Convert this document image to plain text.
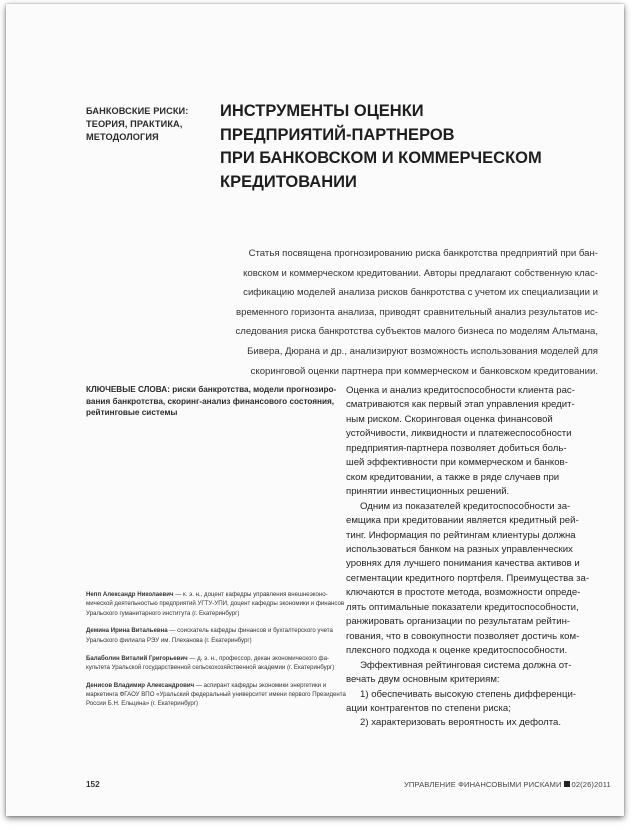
БАНКОВСКИЕ РИСКИ:
ТЕОРИЯ, ПРАКТИКА,
МЕТОДОЛОГИЯ
ИНСТРУМЕНТЫ ОЦЕНКИ
ПРЕДПРИЯТИЙ-ПАРТНЕРОВ
ПРИ БАНКОВСКОМ И КОММЕРЧЕСКОМ
КРЕДИТОВАНИИ
Статья посвящена прогнозированию риска банкротства предприятий при бан-
ковском и коммерческом кредитовании. Авторы предлагают собственную клас-
сификацию моделей анализа рисков банкротства с учетом их специализации и
временного горизонта анализа, приводят сравнительный анализ результатов ис-
следования риска банкротства субъектов малого бизнеса по моделям Альтмана,
Бивера, Дюрана и др., анализируют возможность использования моделей для
скоринговой оценки партнера при коммерческом и банковском кредитовании.
КЛЮЧЕВЫЕ СЛОВА: риски банкротства, модели прогнозиро-
вания банкротства, скоринг-анализ финансового состояния,
рейтинговые системы
Оценка и анализ кредитоспособности клиента рас-
сматриваются как первый этап управления кредит-
ным риском. Скоринговая оценка финансовой
устойчивости, ликвидности и платежеспособности
предприятия-партнера позволяет добиться боль-
шей эффективности при коммерческом и банков-
ском кредитовании, а также в ряде случаев при
принятии инвестиционных решений.
Одним из показателей кредитоспособности за-
емщика при кредитовании является кредитный рей-
тинг. Информация по рейтингам клиентуры должна
использоваться банком на разных управленческих
уровнях для лучшего понимания качества активов и
сегментации кредитного портфеля. Преимущества за-
ключаются в простоте метода, возможности опреде-
лять оптимальные показатели кредитоспособности,
ранжировать организации по результатам рейтин-
гования, что в совокупности позволяет достичь ком-
плексного подхода к оценке кредитоспособности.
Эффективная рейтинговая система должна от-
вечать двум основным критериям:
1) обеспечивать высокую степень дифференци-
ации контрагентов по степени риска;
2) характеризовать вероятность их дефолта.
Непп Александр Николаевич — к. э. н., доцент кафедры управления внешнеэконо-
мической деятельностью предприятий УГТУ-УПИ, доцент кафедры экономики и финансов
Уральского гуманитарного института (г. Екатеринбург)
Демина Ирина Витальевна — соискатель кафедры финансов и бухгалтерского учета
Уральского филиала РЭУ им. Плеханова (г. Екатеринбург)
Балаболин Виталий Григорьевич — д. э. н., профессор, декан экономического фа-
культета Уральской государственной сельскохозяйственной академии (г. Екатеринбург)
Денисов Владимир Александрович — аспирант кафедры экономики энергетики и
маркетинга ФГАОУ ВПО «Уральский федеральный университет имени первого Президента
России Б.Н. Ельцина» (г. Екатеринбург)
152	УПРАВЛЕНИЕ ФИНАНСОВЫМИ РИСКАМИ 02(26)2011
